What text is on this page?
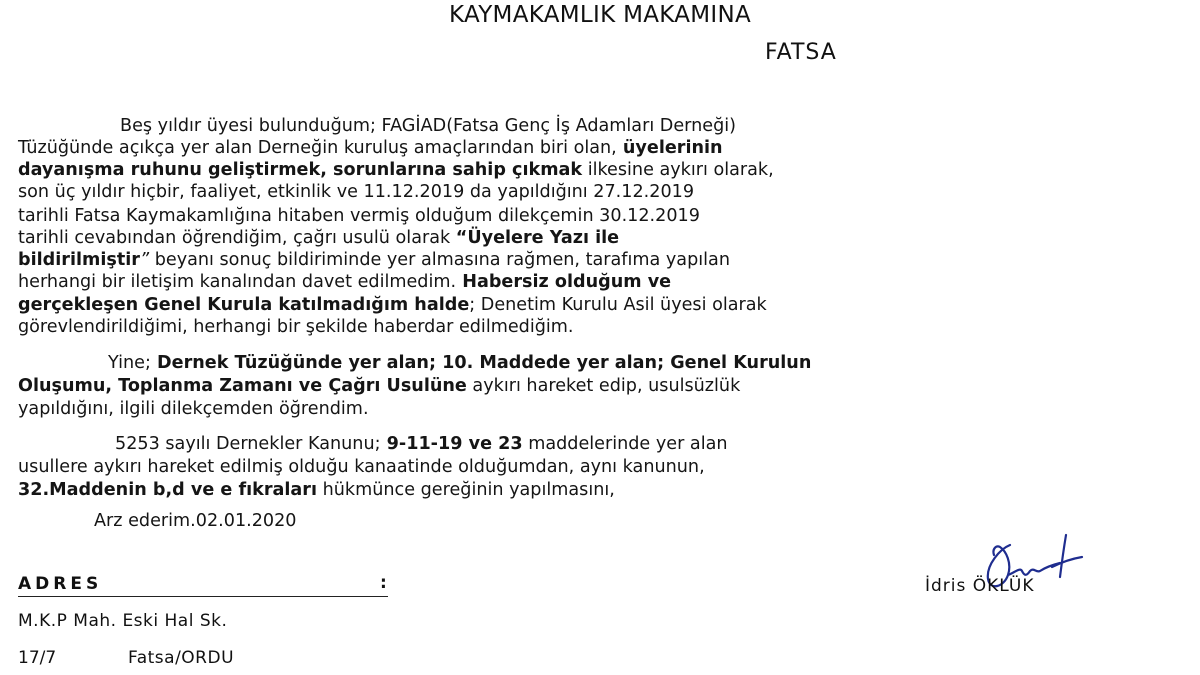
KAYMAKAMLIK MAKAMINA
FATSA
Beş yıldır üyesi bulunduğum; FAGİAD(Fatsa Genç İş Adamları Derneği)
Tüzüğünde açıkça yer alan Derneğin kuruluş amaçlarından biri olan, üyelerinin
dayanışma ruhunu geliştirmek, sorunlarına sahip çıkmak ilkesine aykırı olarak,
son üç yıldır hiçbir, faaliyet, etkinlik ve 11.12.2019 da yapıldığını 27.12.2019
tarihli Fatsa Kaymakamlığına hitaben vermiş olduğum dilekçemin 30.12.2019
tarihli cevabından öğrendiğim, çağrı usulü olarak “Üyelere Yazı ile
bildirilmiştir” beyanı sonuç bildiriminde yer almasına rağmen, tarafıma yapılan
herhangi bir iletişim kanalından davet edilmedim. Habersiz olduğum ve
gerçekleşen Genel Kurula katılmadığım halde; Denetim Kurulu Asil üyesi olarak
görevlendirildiğimi, herhangi bir şekilde haberdar edilmediğim.
Yine; Dernek Tüzüğünde yer alan; 10. Maddede yer alan; Genel Kurulun
Oluşumu, Toplanma Zamanı ve Çağrı Usulüne aykırı hareket edip, usulsüzlük
yapıldığını, ilgili dilekçemden öğrendim.
5253 sayılı Dernekler Kanunu; 9-11-19 ve 23 maddelerinde yer alan
usullere aykırı hareket edilmiş olduğu kanaatinde olduğumdan, aynı kanunun,
32.Maddenin b,d ve e fıkraları hükmünce gereğinin yapılmasını,
Arz ederim.02.01.2020
ADRES	:
M.K.P Mah. Eski Hal Sk.
17/7	Fatsa/ORDU
İdris ÖKLÜK
